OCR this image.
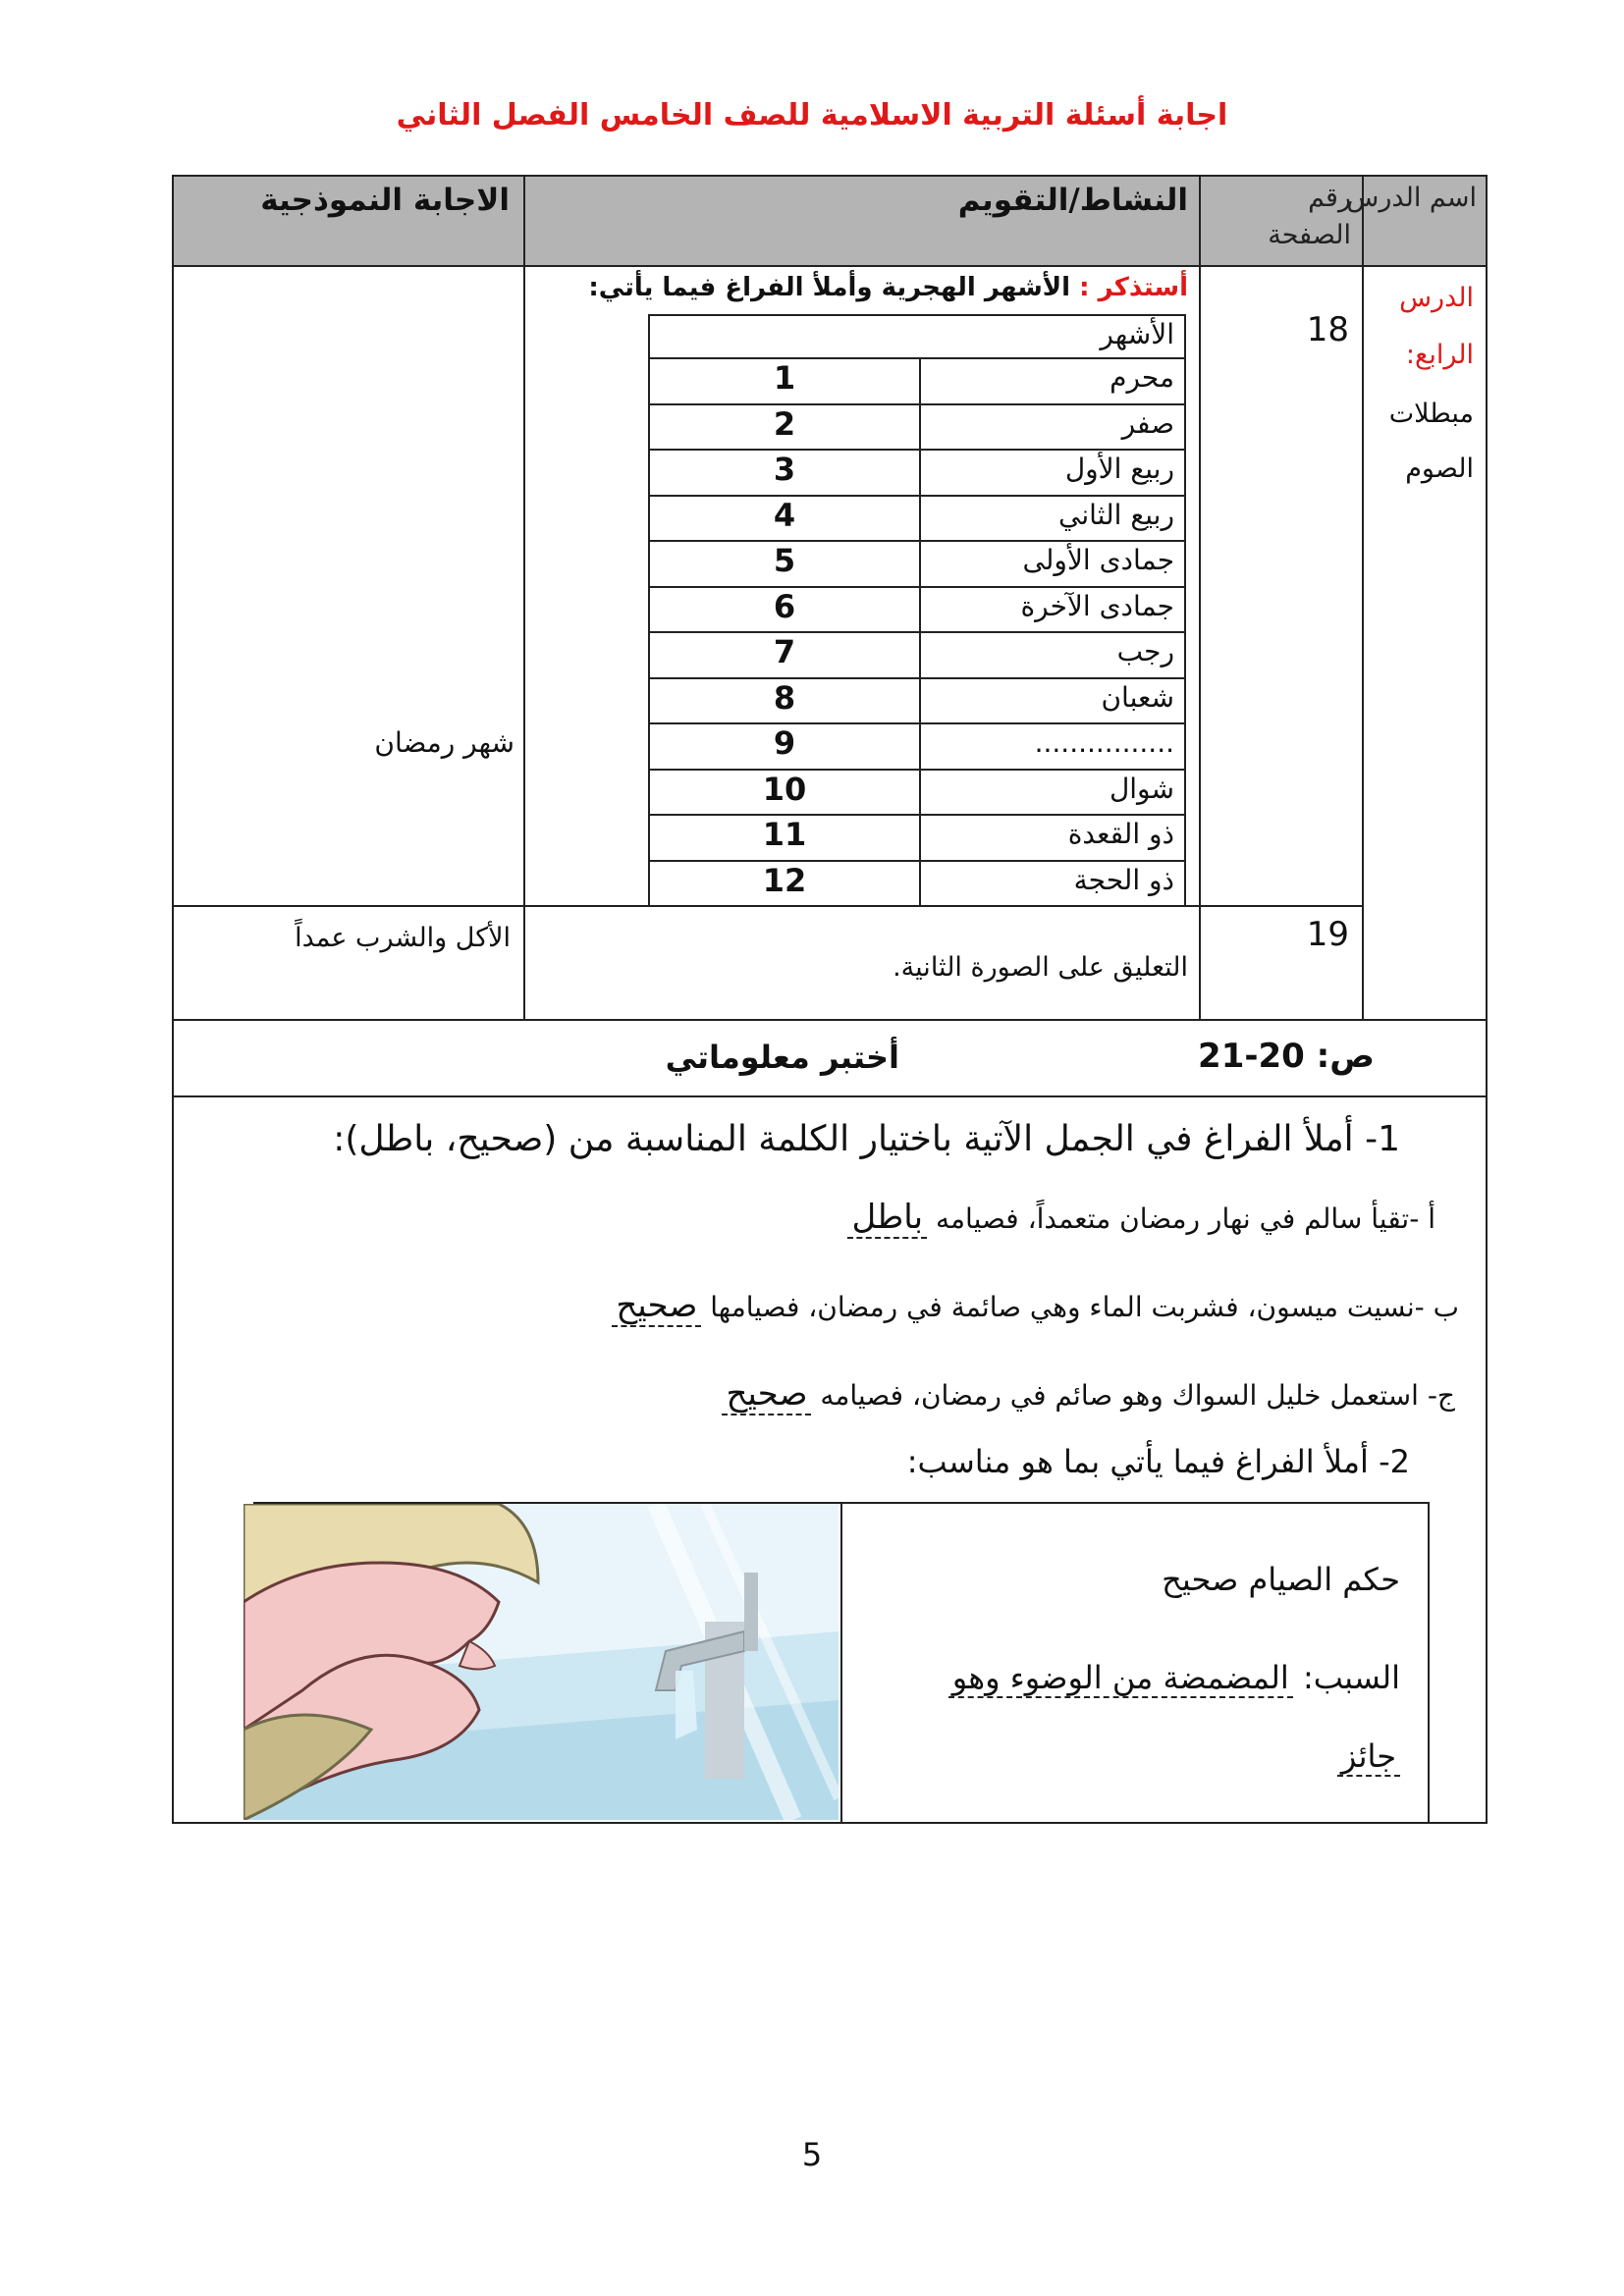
اجابة أسئلة التربية الاسلامية للصف الخامس الفصل الثاني
اسم الدرس
رقم الصفحة
النشاط/التقويم
الاجابة النموذجية
الدرس
الرابع:
مبطلات
الصوم
18
أستذكر : الأشهر الهجرية وأملأ الفراغ فيما يأتي:
الأشهر
محرم
1
صفر
2
ربيع الأول
3
ربيع الثاني
4
جمادى الأولى
5
جمادى الآخرة
6
رجب
7
شعبان
8
................
9
شوال
10
ذو القعدة
11
ذو الحجة
12
شهر رمضان
19
التعليق على الصورة الثانية.
الأكل والشرب عمداً
ص: 20-21
أختبر معلوماتي
1- أملأ الفراغ في الجمل الآتية باختيار الكلمة المناسبة من (صحيح، باطل):
أ -تقيأ سالم في نهار رمضان متعمداً، فصيامه باطل
ب -نسيت ميسون، فشربت الماء وهي صائمة في رمضان، فصيامها صحيح
ج- استعمل خليل السواك وهو صائم في رمضان، فصيامه صحيح
2- أملأ الفراغ فيما يأتي بما هو مناسب:
حكم الصيام صحيح
السبب: المضمضة من الوضوء وهو
جائز
5
